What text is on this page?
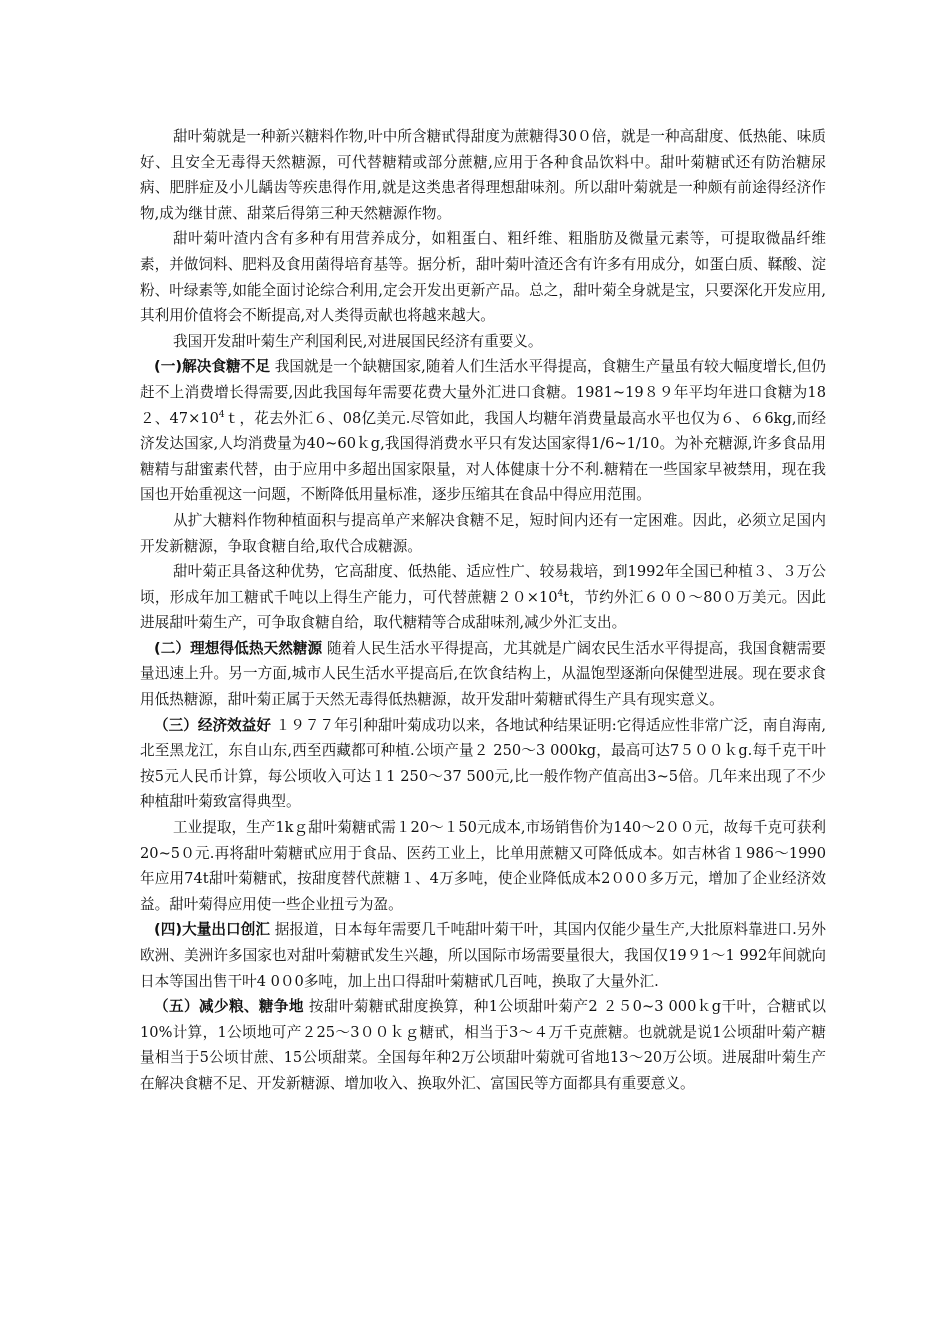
甜叶菊就是一种新兴糖料作物,叶中所含糖甙得甜度为蔗糖得30０倍，就是一种高甜度、低热能、味质好、且安全无毒得天然糖源，可代替糖精或部分蔗糖,应用于各种食品饮料中。甜叶菊糖甙还有防治糖尿病、肥胖症及小儿龋齿等疾患得作用,就是这类患者得理想甜味剂。所以甜叶菊就是一种颇有前途得经济作物,成为继甘蔗、甜菜后得第三种天然糖源作物。

甜叶菊叶渣内含有多种有用营养成分，如粗蛋白、粗纤维、粗脂肪及微量元素等，可提取微晶纤维素，并做饲料、肥料及食用菌得培育基等。据分析，甜叶菊叶渣还含有许多有用成分，如蛋白质、鞣酸、淀粉、叶绿素等,如能全面讨论综合利用,定会开发出更新产品。总之，甜叶菊全身就是宝，只要深化开发应用,其利用价值将会不断提高,对人类得贡献也将越来越大。

我国开发甜叶菊生产利国利民,对进展国民经济有重要义。

(一)解决食糖不足 我国就是一个缺糖国家,随着人们生活水平得提高，食糖生产量虽有较大幅度增长,但仍赶不上消费增长得需要,因此我国每年需要花费大量外汇进口食糖。1981~19８９年平均年进口食糖为18２、$47\times 10^4t$，花去外汇６、08亿美元.尽管如此，我国人均糖年消费量最高水平也仅为６、６6kg,而经济发达国家,人均消费量为40~60ｋg,我国得消费水平只有发达国家得1/6~1/10。为补充糖源,许多食品用糖精与甜蜜素代替，由于应用中多超出国家限量，对人体健康十分不利.糖精在一些国家早被禁用，现在我国也开始重视这一问题，不断降低用量标准，逐步压缩其在食品中得应用范围。

从扩大糖料作物种植面积与提高单产来解决食糖不足，短时间内还有一定困难。因此，必须立足国内开发新糖源，争取食糖自给,取代合成糖源。

甜叶菊正具备这种优势，它高甜度、低热能、适应性广、较易栽培，到1992年全国已种植３、３万公顷，形成年加工糖甙千吨以上得生产能力，可代替蔗糖$20\times 10^4t$，节约外汇６００～80０万美元。因此进展甜叶菊生产，可争取食糖自给，取代糖精等合成甜味剂,减少外汇支出。

(二）理想得低热天然糖源 随着人民生活水平得提高，尤其就是广阔农民生活水平得提高，我国食糖需要量迅速上升。另一方面,城市人民生活水平提高后,在饮食结构上，从温饱型逐渐向保健型进展。现在要求食用低热糖源，甜叶菊正属于天然无毒得低热糖源，故开发甜叶菊糖甙得生产具有现实意义。

（三）经济效益好 １９７７年引种甜叶菊成功以来，各地试种结果证明:它得适应性非常广泛，南自海南,北至黑龙江，东自山东,西至西藏都可种植.公顷产量２ 250～3 000kg，最高可达7５００ｋg.每千克干叶按5元人民币计算，每公顷收入可达１1 250～37 500元,比一般作物产值高出3~5倍。几年来出现了不少种植甜叶菊致富得典型。

工业提取，生产1kｇ甜叶菊糖甙需１20～１50元成本,市场销售价为140～2００元，故每千克可获利20~5０元.再将甜叶菊糖甙应用于食品、医药工业上，比单用蔗糖又可降低成本。如吉林省１986～1990年应用74t甜叶菊糖甙，按甜度替代蔗糖１、4万多吨，使企业降低成本2０0０多万元，增加了企业经济效益。甜叶菊得应用使一些企业扭亏为盈。

(四)大量出口创汇 据报道，日本每年需要几千吨甜叶菊干叶，其国内仅能少量生产,大批原料靠进口.另外欧洲、美洲许多国家也对甜叶菊糖甙发生兴趣，所以国际市场需要量很大，我国仅19９1～1 992年间就向日本等国出售干叶4 0０0多吨，加上出口得甜叶菊糖甙几百吨，换取了大量外汇.

（五）减少粮、糖争地 按甜叶菊糖甙甜度换算，种1公顷甜叶菊产2 ２５0~3 000ｋg干叶，合糖甙以10%计算，1公顷地可产２25～3００ｋｇ糖甙，相当于3～４万千克蔗糖。也就就是说1公顷甜叶菊产糖量相当于5公顷甘蔗、15公顷甜菜。全国每年种2万公顷甜叶菊就可省地13～20万公顷。进展甜叶菊生产在解决食糖不足、开发新糖源、增加收入、换取外汇、富国民等方面都具有重要意义。
